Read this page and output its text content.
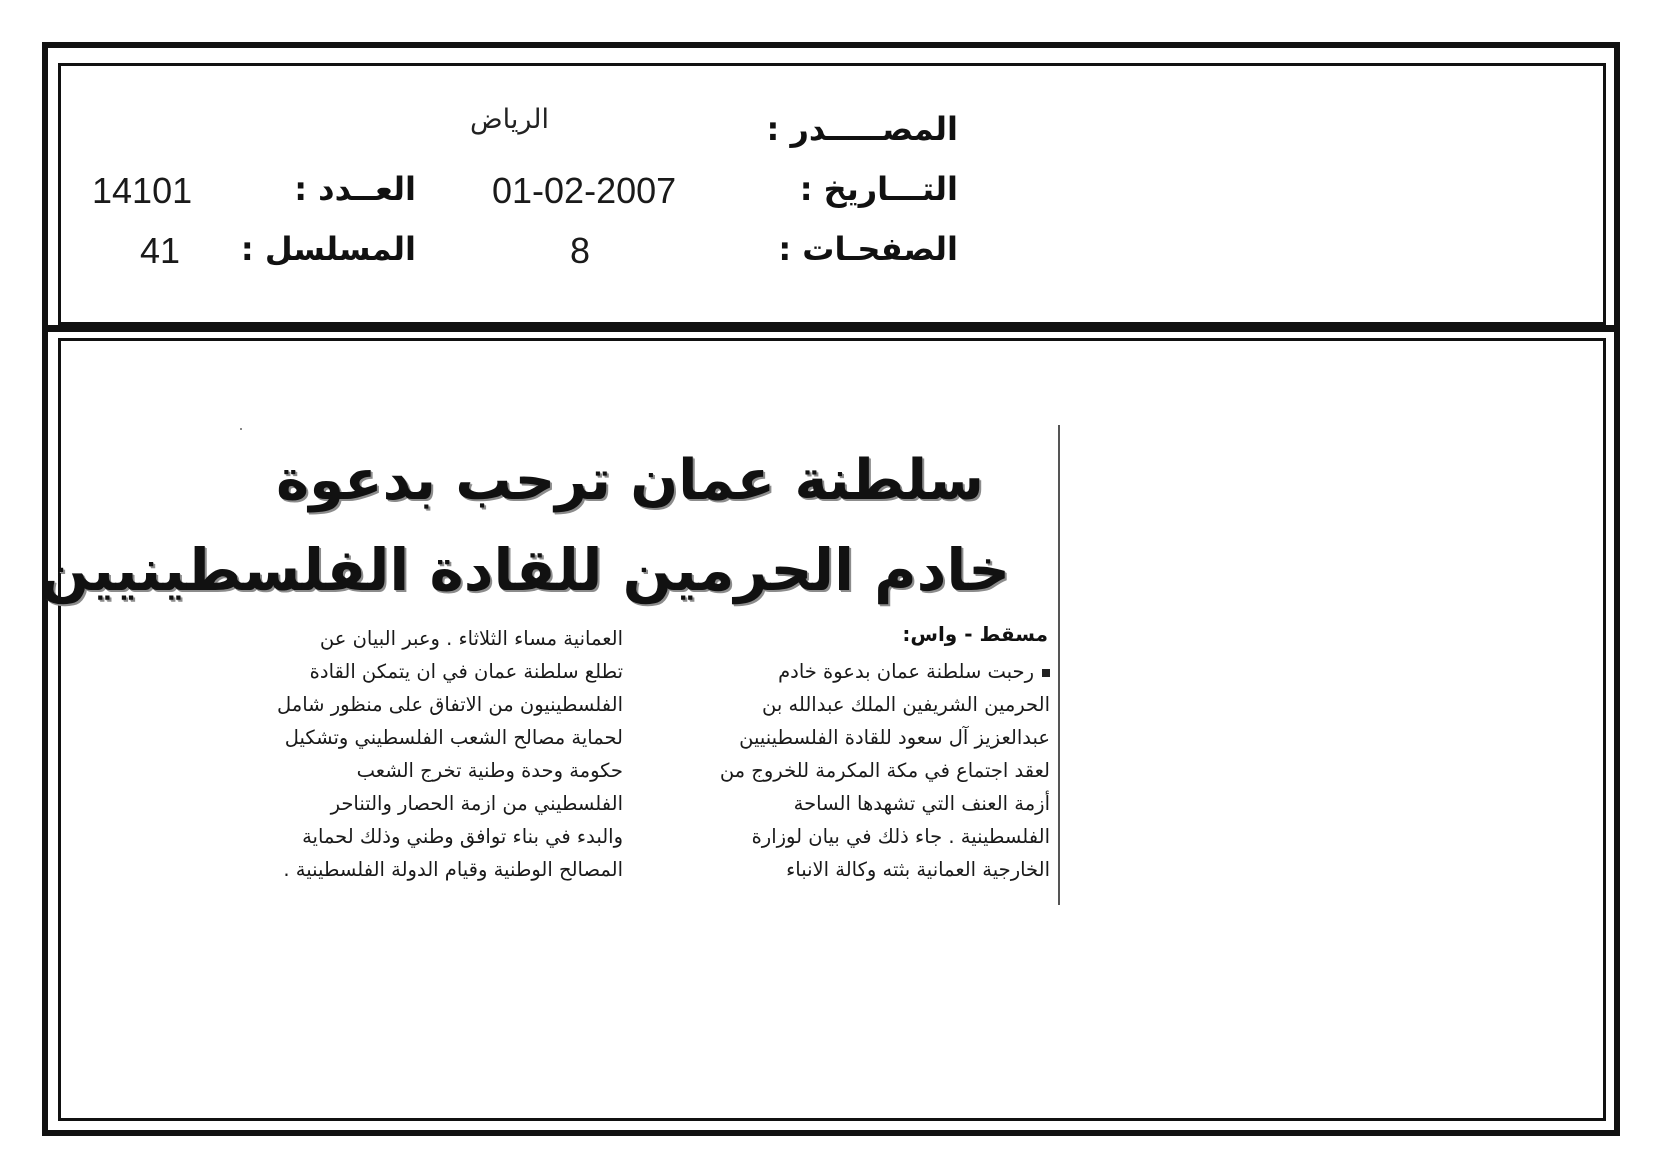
المصـــــدر :
الرياض
التـــاريخ :
01-02-2007
العــدد :
14101
الصفحـات :
8
المسلسل :
41
سلطنة عمان ترحب بدعوة
خادم الحرمين للقادة الفلسطينيين
مسقط - واس:
رحبت سلطنة عمان بدعوة خادم
الحرمين الشريفين الملك عبدالله بن
عبدالعزيز آل سعود للقادة الفلسطينيين
لعقد اجتماع في مكة المكرمة للخروج من
أزمة العنف التي تشهدها الساحة
الفلسطينية . جاء ذلك في بيان لوزارة
الخارجية العمانية بثته وكالة الانباء
العمانية مساء الثلاثاء . وعبر البيان عن
تطلع سلطنة عمان في ان يتمكن القادة
الفلسطينيون من الاتفاق على منظور شامل
لحماية مصالح الشعب الفلسطيني وتشكيل
حكومة وحدة وطنية تخرج الشعب
الفلسطيني من ازمة الحصار والتناحر
والبدء في بناء توافق وطني وذلك لحماية
المصالح الوطنية وقيام الدولة الفلسطينية .
